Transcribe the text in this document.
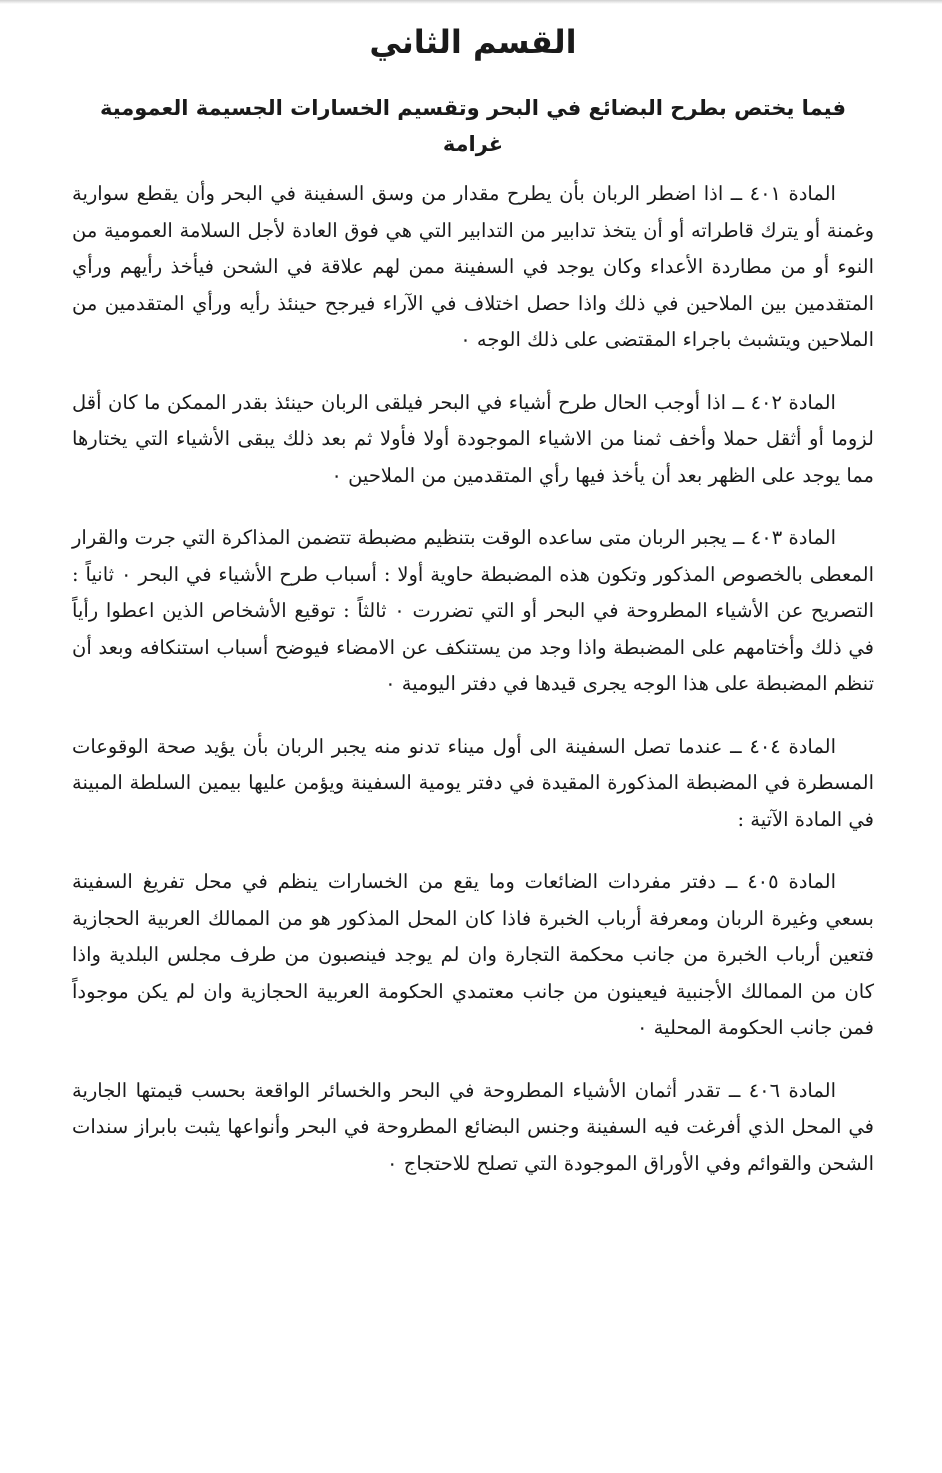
القسم الثاني
فيما يختص بطرح البضائع في البحر وتقسيم الخسارات الجسيمة العمومية غرامة

المادة ٤٠١ ــ اذا اضطر الربان بأن يطرح مقدار من وسق السفينة في البحر وأن يقطع سوارية وغمنة أو يترك قاطراته أو أن يتخذ تدابير من التدابير التي هي فوق العادة لأجل السلامة العمومية من النوء أو من مطاردة الأعداء وكان يوجد في السفينة ممن لهم علاقة في الشحن فيأخذ رأيهم ورأي المتقدمين بين الملاحين في ذلك واذا حصل اختلاف في الآراء فيرجح حينئذ رأيه ورأي المتقدمين من الملاحين ويتشبث باجراء المقتضى على ذلك الوجه ٠

المادة ٤٠٢ ــ اذا أوجب الحال طرح أشياء في البحر فيلقى الربان حينئذ بقدر الممكن ما كان أقل لزوما أو أثقل حملا وأخف ثمنا من الاشياء الموجودة أولا فأولا ثم بعد ذلك يبقى الأشياء التي يختارها مما يوجد على الظهر بعد أن يأخذ فيها رأي المتقدمين من الملاحين ٠

المادة ٤٠٣ ــ يجبر الربان متى ساعده الوقت بتنظيم مضبطة تتضمن المذاكرة التي جرت والقرار المعطى بالخصوص المذكور وتكون هذه المضبطة حاوية أولا : أسباب طرح الأشياء في البحر ٠ ثانياً : التصريح عن الأشياء المطروحة في البحر أو التي تضررت ٠ ثالثاً : توقيع الأشخاص الذين اعطوا رأياً في ذلك وأختامهم على المضبطة واذا وجد من يستنكف عن الامضاء فيوضح أسباب استنكافه وبعد أن تنظم المضبطة على هذا الوجه يجرى قيدها في دفتر اليومية ٠

المادة ٤٠٤ ــ عندما تصل السفينة الى أول ميناء تدنو منه يجبر الربان بأن يؤيد صحة الوقوعات المسطرة في المضبطة المذكورة المقيدة في دفتر يومية السفينة ويؤمن عليها بيمين السلطة المبينة في المادة الآتية :

المادة ٤٠٥ ــ دفتر مفردات الضائعات وما يقع من الخسارات ينظم في محل تفريغ السفينة بسعي وغيرة الربان ومعرفة أرباب الخبرة فاذا كان المحل المذكور هو من الممالك العربية الحجازية فتعين أرباب الخبرة من جانب محكمة التجارة وان لم يوجد فينصبون من طرف مجلس البلدية واذا كان من الممالك الأجنبية فيعينون من جانب معتمدي الحكومة العربية الحجازية وان لم يكن موجوداً فمن جانب الحكومة المحلية ٠

المادة ٤٠٦ ــ تقدر أثمان الأشياء المطروحة في البحر والخسائر الواقعة بحسب قيمتها الجارية في المحل الذي أفرغت فيه السفينة وجنس البضائع المطروحة في البحر وأنواعها يثبت بابراز سندات الشحن والقوائم وفي الأوراق الموجودة التي تصلح للاحتجاج ٠
